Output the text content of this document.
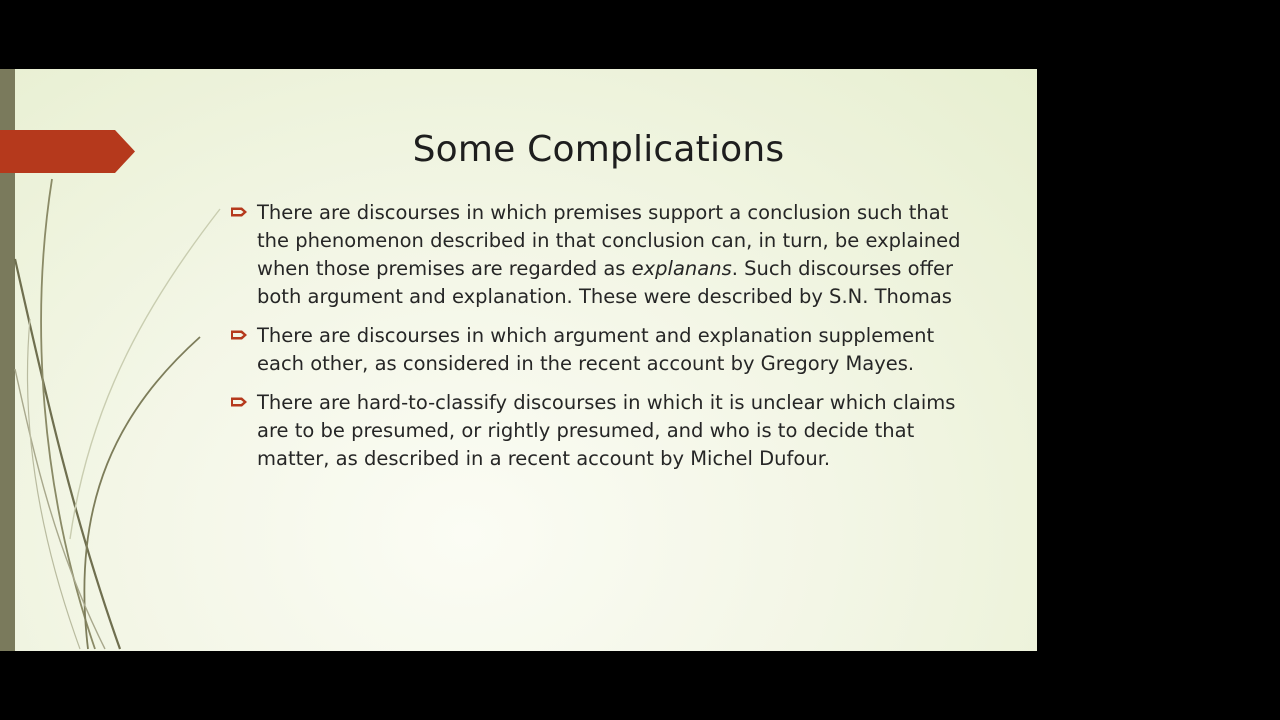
Some Complications
There are discourses in which premises support a conclusion such that the phenomenon described in that conclusion can, in turn, be explained when those premises are regarded as explanans. Such discourses offer both argument and explanation. These were described by S.N. Thomas
There are discourses in which argument and explanation supplement each other, as considered in the recent account by Gregory Mayes.
There are hard-to-classify discourses in which it is unclear which claims are to be presumed, or rightly presumed, and who is to decide that matter, as described in a recent account by Michel Dufour.
